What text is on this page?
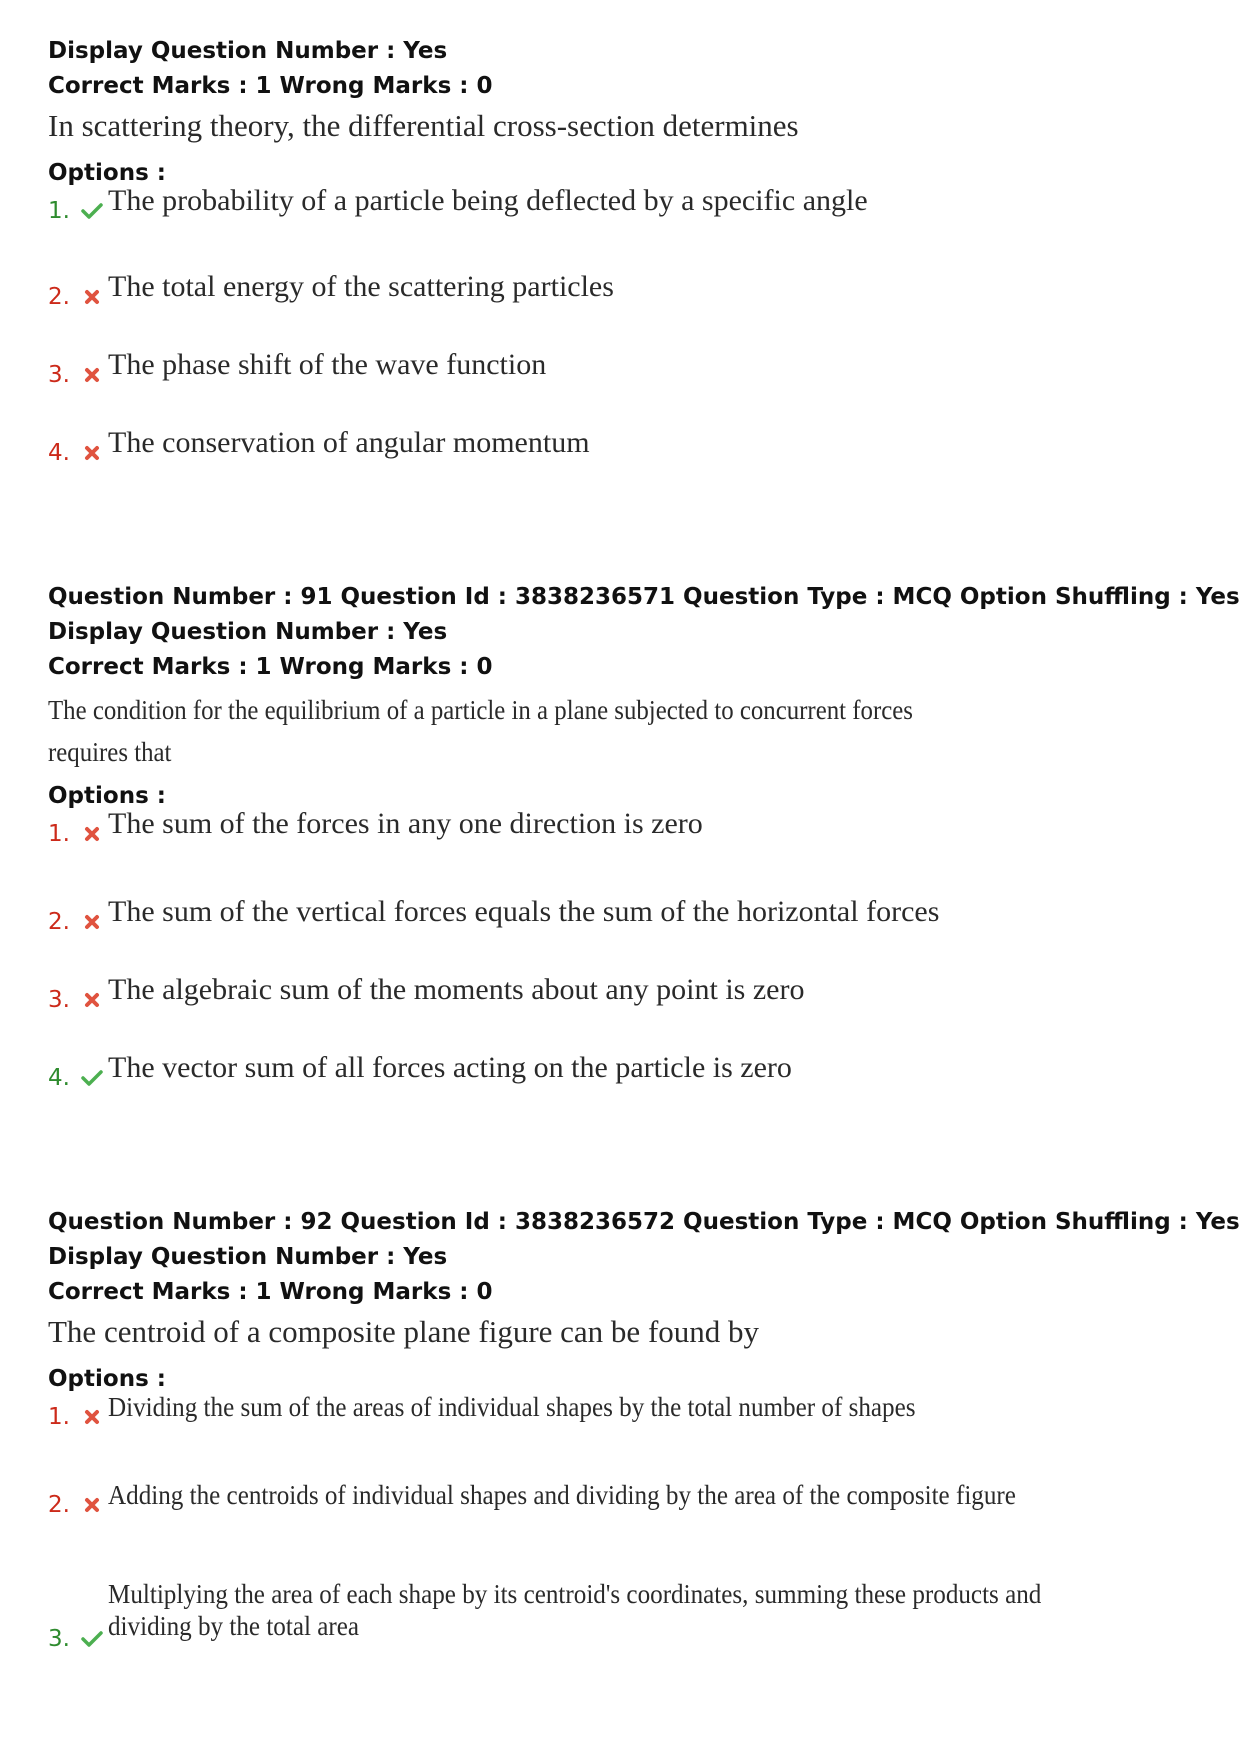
Display Question Number : Yes

Correct Marks : 1 Wrong Marks : 0

In scattering theory, the differential cross-section determines

Options :

1. The probability of a particle being deflected by a specific angle
2. The total energy of the scattering particles
3. The phase shift of the wave function
4. The conservation of angular momentum

Question Number : 91 Question Id : 3838236571 Question Type : MCQ Option Shuffling : Yes

Display Question Number : Yes

Correct Marks : 1 Wrong Marks : 0

The condition for the equilibrium of a particle in a plane subjected to concurrent forces
requires that

Options :

1. The sum of the forces in any one direction is zero
2. The sum of the vertical forces equals the sum of the horizontal forces
3. The algebraic sum of the moments about any point is zero
4. The vector sum of all forces acting on the particle is zero

Question Number : 92 Question Id : 3838236572 Question Type : MCQ Option Shuffling : Yes

Display Question Number : Yes

Correct Marks : 1 Wrong Marks : 0

The centroid of a composite plane figure can be found by

Options :

1. Dividing the sum of the areas of individual shapes by the total number of shapes
2. Adding the centroids of individual shapes and dividing by the area of the composite figure
Multiplying the area of each shape by its centroid's coordinates, summing these products and
3. dividing by the total area
